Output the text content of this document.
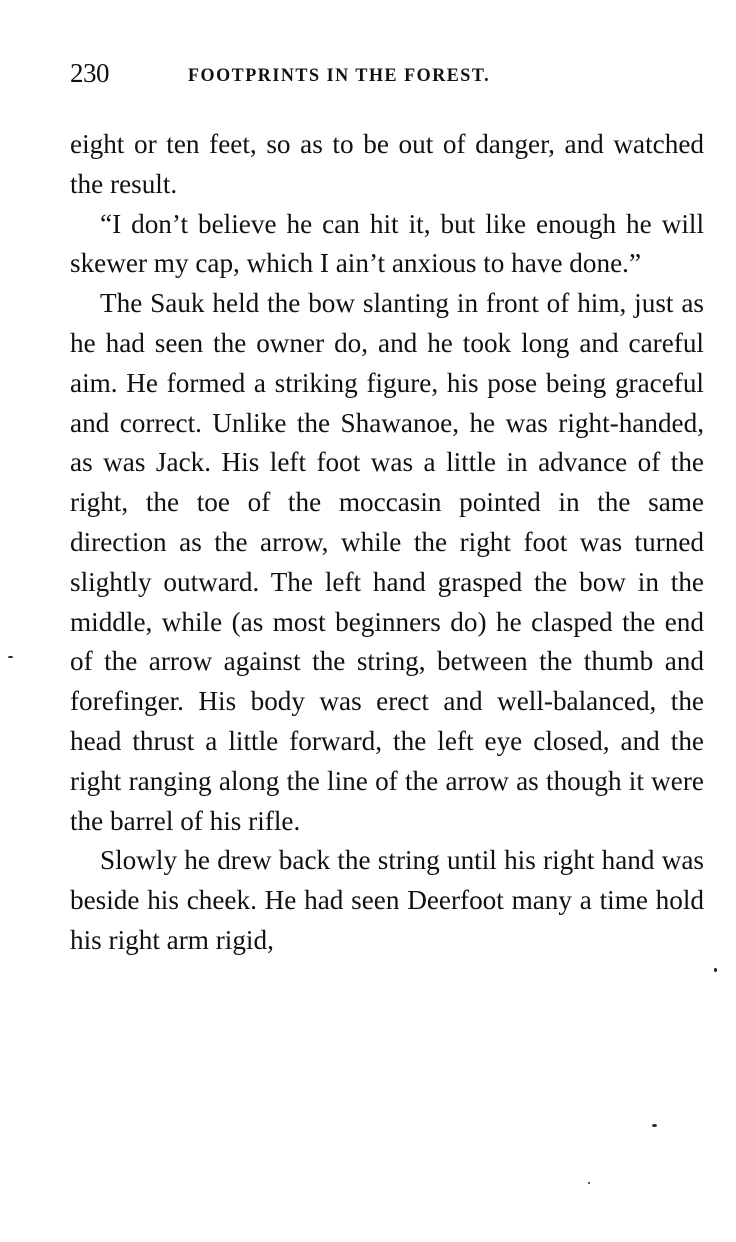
230	FOOTPRINTS IN THE FOREST.

eight or ten feet, so as to be out of danger, and watched the result.

“I don’t believe he can hit it, but like enough he will skewer my cap, which I ain’t anxious to have done.”

The Sauk held the bow slanting in front of him, just as he had seen the owner do, and he took long and careful aim. He formed a striking figure, his pose being graceful and correct. Unlike the Shawanoe, he was right-handed, as was Jack. His left foot was a little in advance of the right, the toe of the moccasin pointed in the same direction as the arrow, while the right foot was turned slightly outward. The left hand grasped the bow in the middle, while (as most beginners do) he clasped the end of the arrow against the string, between the thumb and forefinger. His body was erect and well-balanced, the head thrust a little forward, the left eye closed, and the right ranging along the line of the arrow as though it were the barrel of his rifle.

Slowly he drew back the string until his right hand was beside his cheek. He had seen Deerfoot many a time hold his right arm rigid,
